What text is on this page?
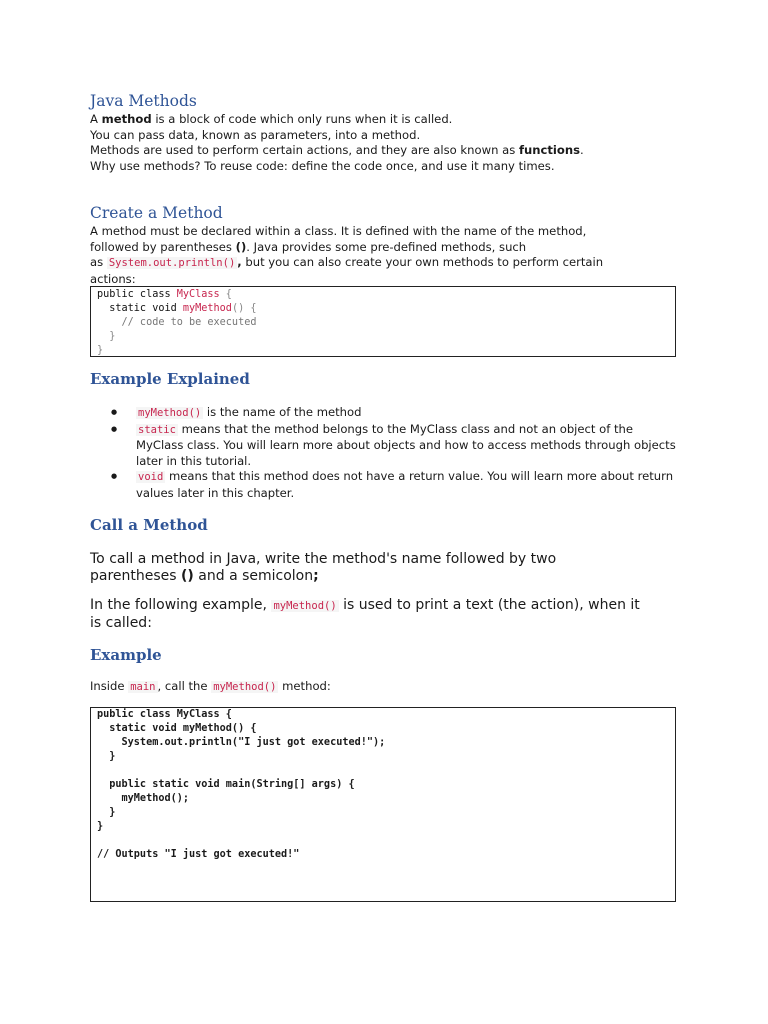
Java Methods
A method is a block of code which only runs when it is called.
You can pass data, known as parameters, into a method.
Methods are used to perform certain actions, and they are also known as functions.
Why use methods? To reuse code: define the code once, and use it many times.
Create a Method
A method must be declared within a class. It is defined with the name of the method,
followed by parentheses (). Java provides some pre-defined methods, such
as System.out.println() , but you can also create your own methods to perform certain
actions:
public class MyClass {
static void myMethod() {
// code to be executed
}
}
Example Explained
● myMethod() is the name of the method
● static means that the method belongs to the MyClass class and not an object of the MyClass class. You will learn more about objects and how to access methods through objects later in this tutorial.
● void means that this method does not have a return value. You will learn more about return values later in this chapter.
Call a Method
To call a method in Java, write the method's name followed by two
parentheses () and a semicolon;
In the following example, myMethod() is used to print a text (the action), when it
is called:
Example
Inside main , call the myMethod() method:
public class MyClass {
static void myMethod() {
System.out.println("I just got executed!");
}

public static void main(String[] args) {
myMethod();
}
}

// Outputs "I just got executed!"
